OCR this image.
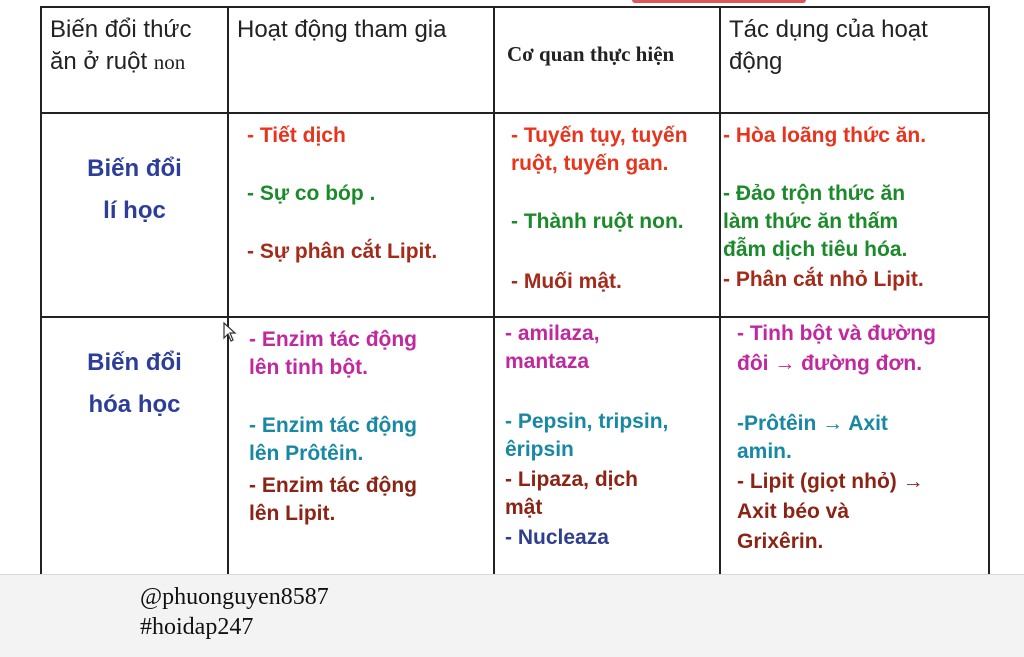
Biến đổi thức
ăn ở ruột non
Hoạt động tham gia
Cơ quan thực hiện
Tác dụng của hoạt
động
Biến đổi
lí học
- Tiết dịch
- Sự co bóp .
- Sự phân cắt Lipit.
- Tuyến tụy, tuyến
ruột, tuyến gan.
- Thành ruột non.
- Muối mật.
- Hòa loãng thức ăn.
- Đảo trộn thức ăn
làm thức ăn thấm
đẫm dịch tiêu hóa.
- Phân cắt nhỏ Lipit.
Biến đổi
hóa học
- Enzim tác động
lên tinh bột.
- Enzim tác động
lên Prôtêin.
- Enzim tác động
lên Lipit.
- amilaza,
mantaza
- Pepsin, tripsin,
êripsin
- Lipaza, dịch
mật
- Nucleaza
- Tinh bột và đường
đôi → đường đơn.
-Prôtêin → Axit
amin.
- Lipit (giọt nhỏ) →
Axit béo và
Grixêrin.
@phuonguyen8587
#hoidap247
